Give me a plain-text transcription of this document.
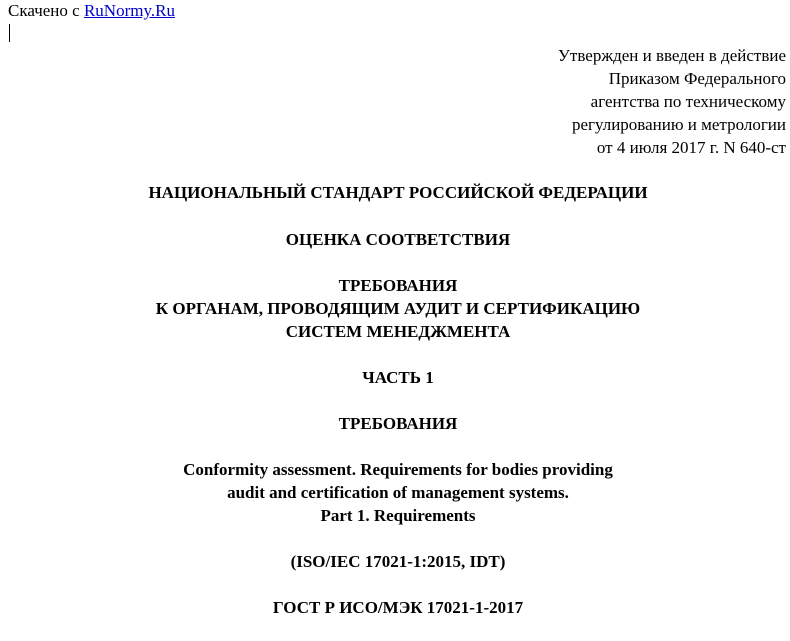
Скачено с RuNormy.Ru
Утвержден и введен в действие
Приказом Федерального
агентства по техническому
регулированию и метрологии
от 4 июля 2017 г. N 640-ст
НАЦИОНАЛЬНЫЙ СТАНДАРТ РОССИЙСКОЙ ФЕДЕРАЦИИ
ОЦЕНКА СООТВЕТСТВИЯ
ТРЕБОВАНИЯ
К ОРГАНАМ, ПРОВОДЯЩИМ АУДИТ И СЕРТИФИКАЦИЮ
СИСТЕМ МЕНЕДЖМЕНТА
ЧАСТЬ 1
ТРЕБОВАНИЯ
Conformity assessment. Requirements for bodies providing
audit and certification of management systems.
Part 1. Requirements
(ISO/IEC 17021-1:2015, IDT)
ГОСТ Р ИСО/МЭК 17021-1-2017
